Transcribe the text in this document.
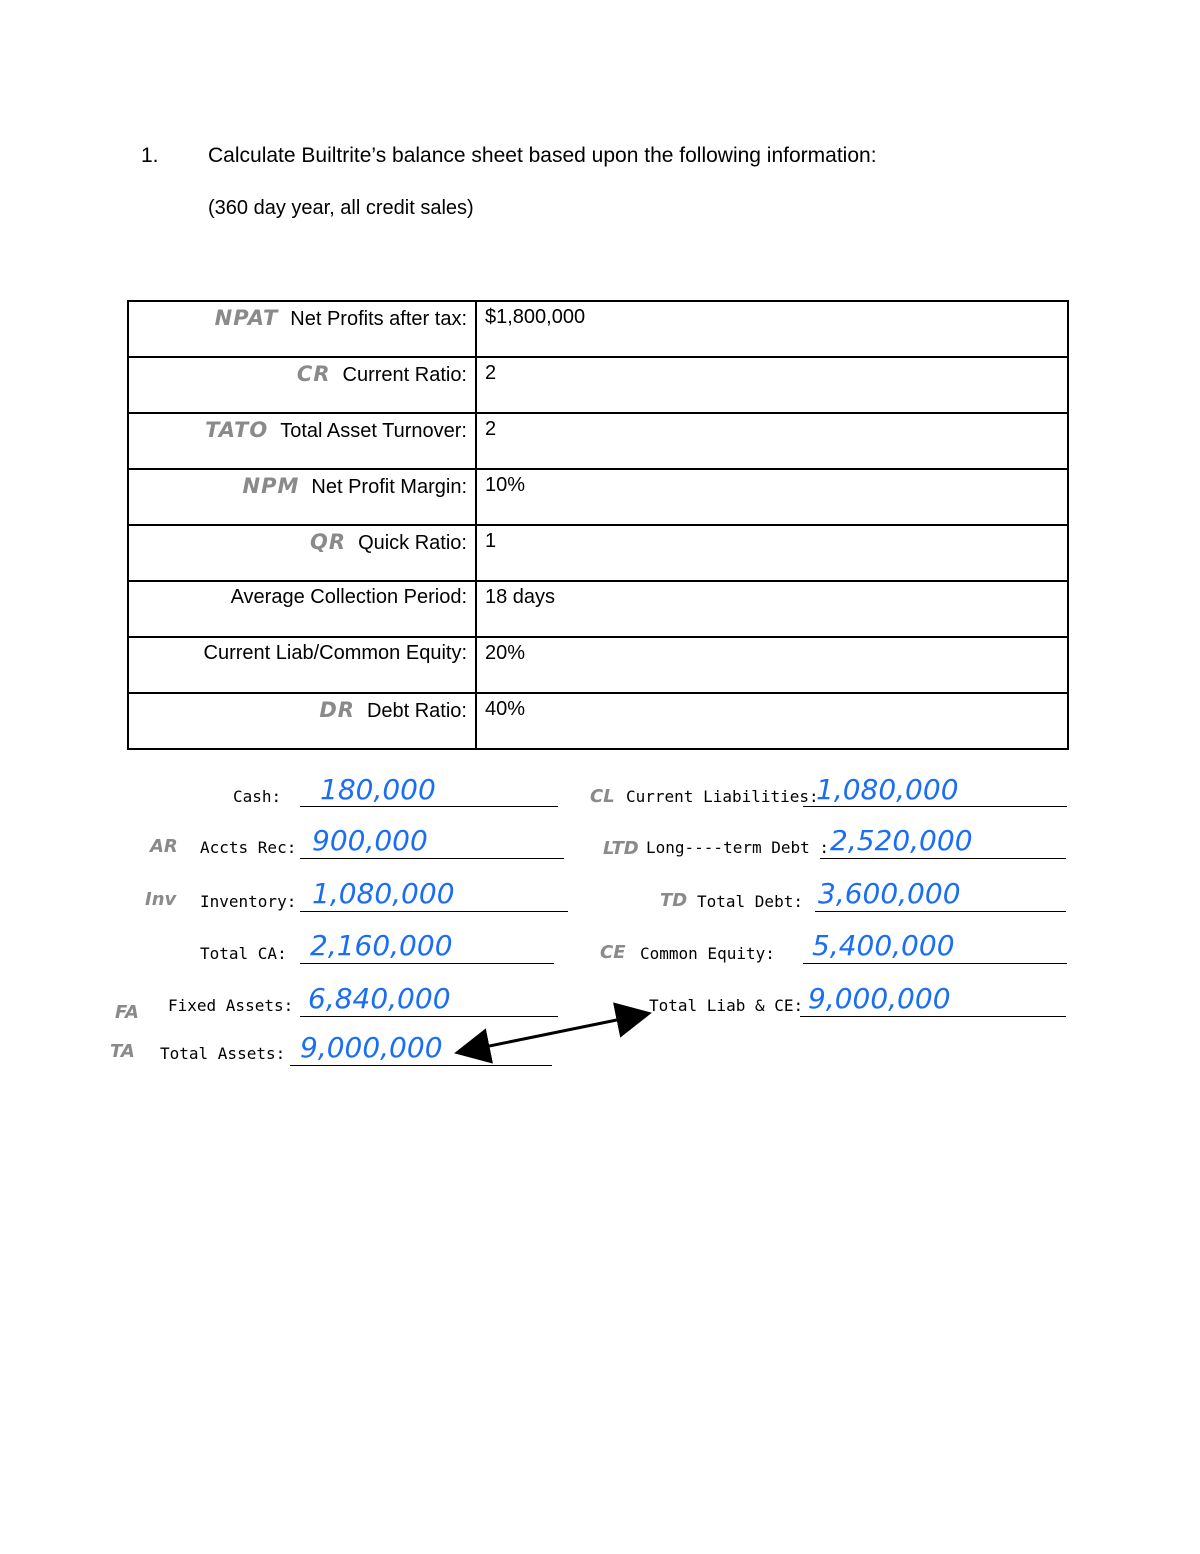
1. Calculate Builtrite’s balance sheet based upon the following information:
(360 day year, all credit sales)
NPAT Net Profits after tax:	$1,800,000
CR Current Ratio:	2
TATO Total Asset Turnover:	2
NPM Net Profit Margin:	10%
QR Quick Ratio:	1
Average Collection Period:	18 days
Current Liab/Common Equity:	20%
DR Debt Ratio:	40%
Cash: 180,000
AR Accts Rec: 900,000
Inv Inventory: 1,080,000
Total CA: 2,160,000
FA Fixed Assets: 6,840,000
TA Total Assets: 9,000,000
CL Current Liabilities:
1,080,000
LTD Long‐‐‐‐term Debt : 2,520,000
TD Total Debt: 3,600,000
CE Common Equity: 5,400,000
Total Liab & CE: 9,000,000
